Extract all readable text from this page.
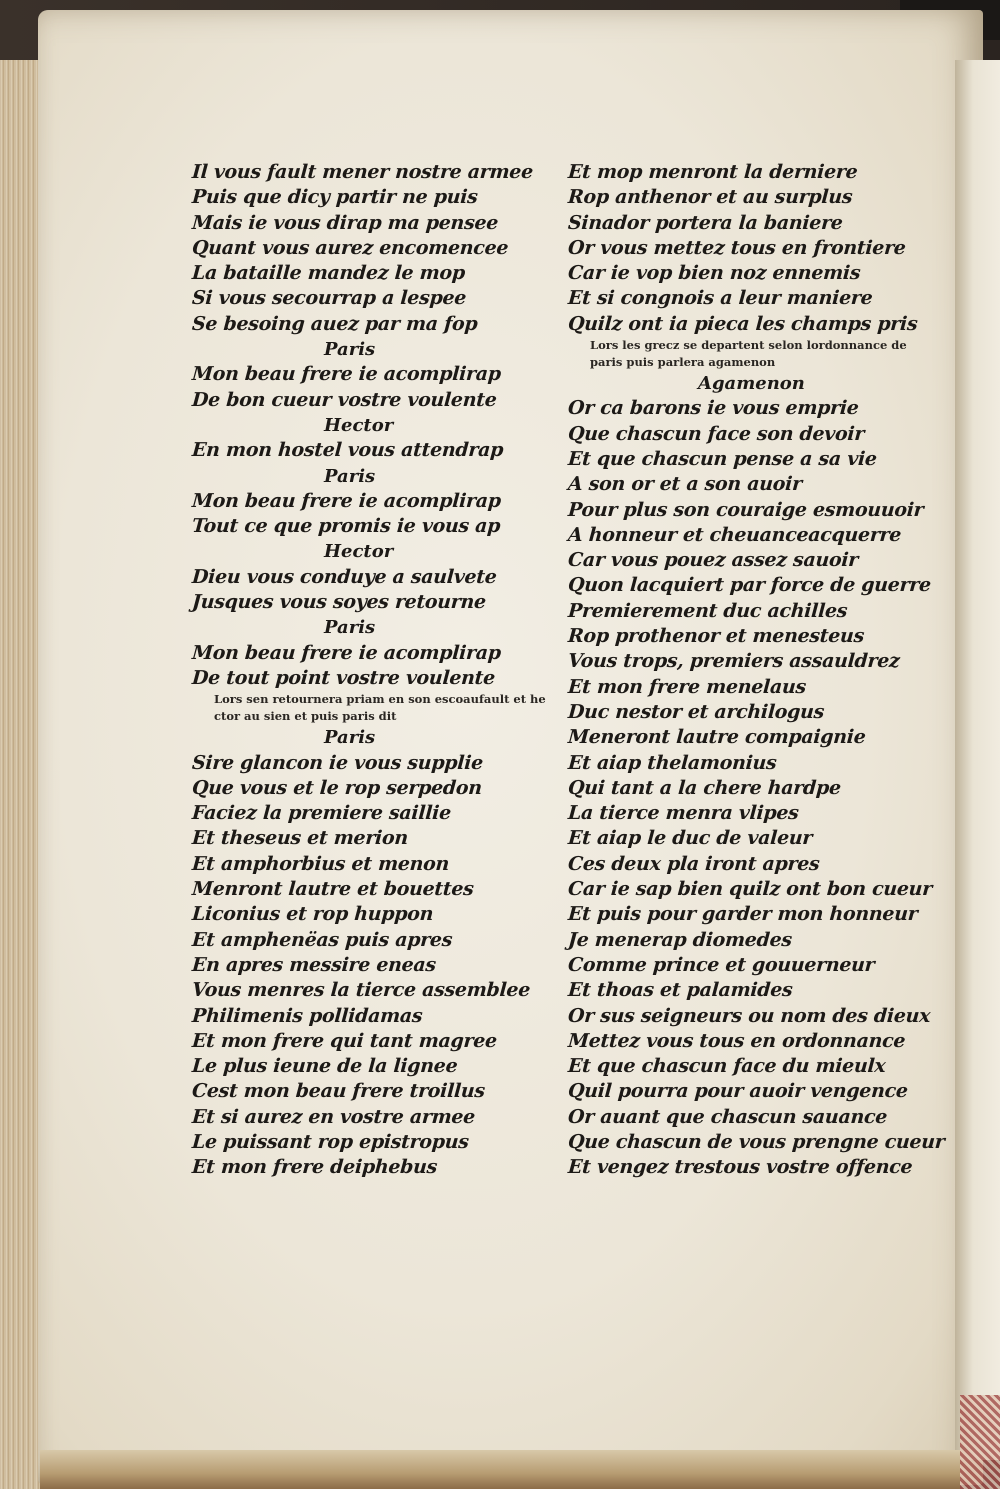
Il vous fault mener nostre armee
Puis que dicy partir ne puis
Mais ie vous dirap ma pensee
Quant vous aurez encomencee
La bataille mandez le mop
Si vous secourrap a lespee
Se besoing auez par ma fop
Paris
Mon beau frere ie acomplirap
De bon cueur vostre voulente
Hector
En mon hostel vous attendrap
Paris
Mon beau frere ie acomplirap
Tout ce que promis ie vous ap
Hector
Dieu vous conduye a saulvete
Jusques vous soyes retourne
Paris
Mon beau frere ie acomplirap
De tout point vostre voulente
Lors sen retournera priam en son escoaufault et he
ctor au sien et puis paris dit
Paris
Sire glancon ie vous supplie
Que vous et le rop serpedon
Faciez la premiere saillie
Et theseus et merion
Et amphorbius et menon
Menront lautre et bouettes
Liconius et rop huppon
Et amphenëas puis apres
En apres messire eneas
Vous menres la tierce assemblee
Philimenis pollidamas
Et mon frere qui tant magree
Le plus ieune de la lignee
Cest mon beau frere troillus
Et si aurez en vostre armee
Le puissant rop epistropus
Et mon frere deiphebus
Et mop menront la derniere
Rop anthenor et au surplus
Sinador portera la baniere
Or vous mettez tous en frontiere
Car ie vop bien noz ennemis
Et si congnois a leur maniere
Quilz ont ia pieca les champs pris
Lors les grecz se departent selon lordonnance de
paris puis parlera agamenon
Agamenon
Or ca barons ie vous emprie
Que chascun face son devoir
Et que chascun pense a sa vie
A son or et a son auoir
Pour plus son couraige esmouuoir
A honneur et cheuanceacquerre
Car vous pouez assez sauoir
Quon lacquiert par force de guerre
Premierement duc achilles
Rop prothenor et menesteus
Vous trops, premiers assauldrez
Et mon frere menelaus
Duc nestor et archilogus
Meneront lautre compaignie
Et aiap thelamonius
Qui tant a la chere hardpe
La tierce menra vlipes
Et aiap le duc de valeur
Ces deux pla iront apres
Car ie sap bien quilz ont bon cueur
Et puis pour garder mon honneur
Je menerap diomedes
Comme prince et gouuerneur
Et thoas et palamides
Or sus seigneurs ou nom des dieux
Mettez vous tous en ordonnance
Et que chascun face du mieulx
Quil pourra pour auoir vengence
Or auant que chascun sauance
Que chascun de vous prengne cueur
Et vengez trestous vostre offence
